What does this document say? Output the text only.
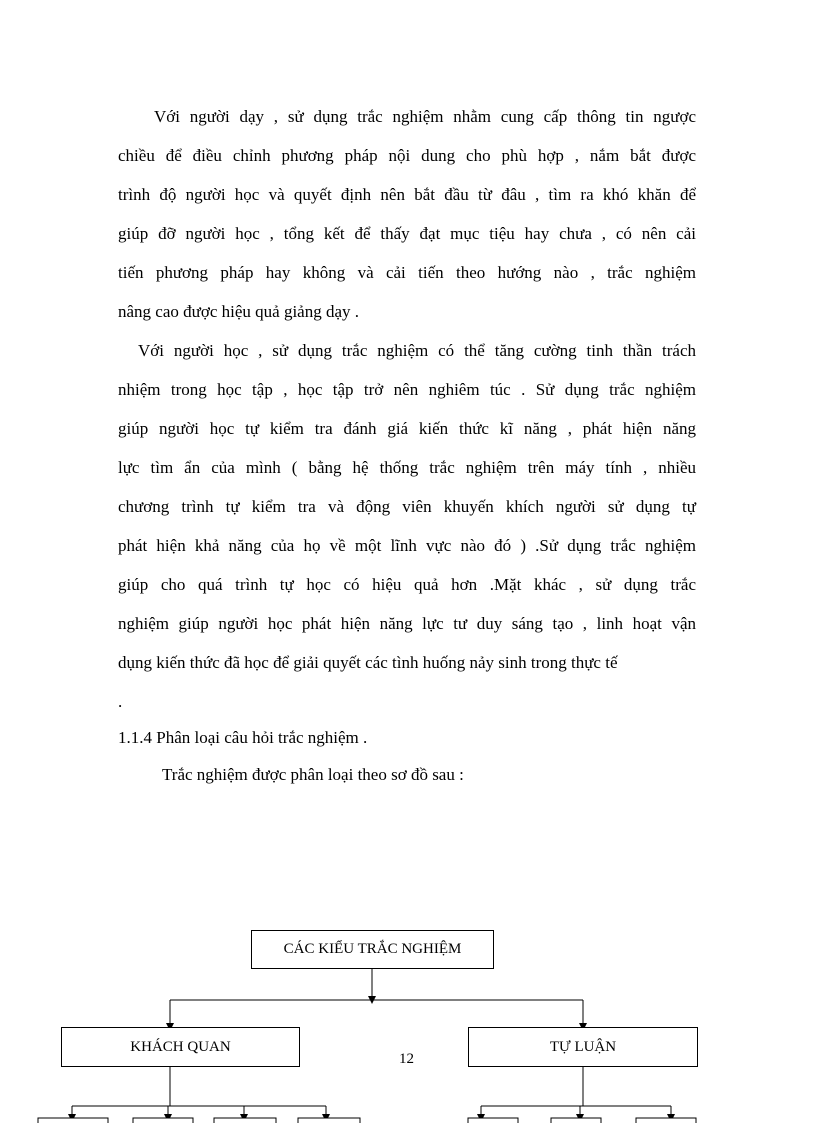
Với người dạy , sử dụng trắc nghiệm nhằm cung cấp thông tin ngược
chiều để điều chỉnh phương pháp nội dung cho phù hợp , nắm bắt được
trình độ người học và quyết định nên bắt đầu từ đâu , tìm ra khó khăn để
giúp đỡ người học , tổng kết để thấy đạt mục tiệu hay chưa , có nên cải
tiến phương pháp hay không và cải tiến theo hướng nào , trắc nghiệm
nâng cao được hiệu quả giảng dạy .
Với người học , sử dụng trắc nghiệm có thể tăng cường tinh thần trách
nhiệm trong học tập , học tập trở nên nghiêm túc . Sử dụng trắc nghiệm
giúp người học tự kiểm tra đánh giá kiến thức kĩ năng , phát hiện năng
lực tìm ẩn của mình ( bằng hệ thống trắc nghiệm trên máy tính , nhiều
chương trình tự kiểm tra và động viên khuyến khích người sử dụng tự
phát hiện khả năng của họ về một lĩnh vực nào đó ) .Sử dụng trắc nghiệm
giúp cho quá trình tự học có hiệu quả hơn .Mặt khác , sử dụng trắc
nghiệm giúp người học phát hiện năng lực tư duy sáng tạo , linh hoạt vận
dụng kiến thức đã học để giải quyết các tình huống nảy sinh trong thực tế
.

1.1.4 Phân loại câu hỏi trắc nghiệm .

Trắc nghiệm được phân loại theo sơ đồ sau :

CÁC KIỂU TRẮC NGHIỆM
KHÁCH QUAN	TỰ LUẬN
12
